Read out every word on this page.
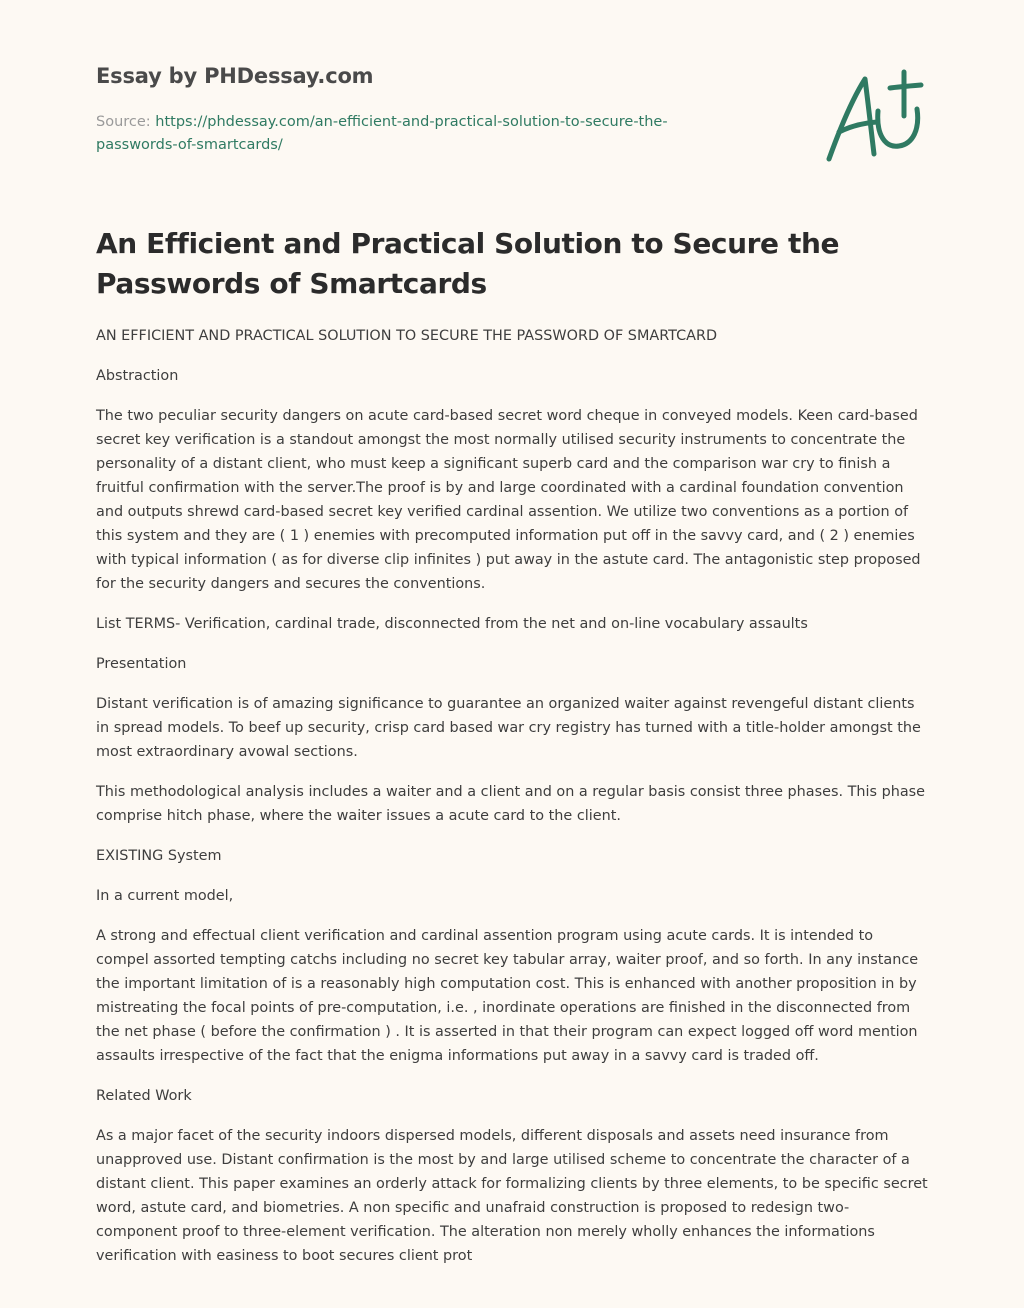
Essay by PHDessay.com
Source: https://phdessay.com/an-efficient-and-practical-solution-to-secure-the-passwords-of-smartcards/
An Efficient and Practical Solution to Secure the Passwords of Smartcards

AN EFFICIENT AND PRACTICAL SOLUTION TO SECURE THE PASSWORD OF SMARTCARD

Abstraction

The two peculiar security dangers on acute card-based secret word cheque in conveyed models. Keen card-based secret key verification is a standout amongst the most normally utilised security instruments to concentrate the personality of a distant client, who must keep a significant superb card and the comparison war cry to finish a fruitful confirmation with the server.The proof is by and large coordinated with a cardinal foundation convention and outputs shrewd card-based secret key verified cardinal assention. We utilize two conventions as a portion of this system and they are ( 1 ) enemies with precomputed information put off in the savvy card, and ( 2 ) enemies with typical information ( as for diverse clip infinites ) put away in the astute card. The antagonistic step proposed for the security dangers and secures the conventions.

List TERMS- Verification, cardinal trade, disconnected from the net and on-line vocabulary assaults

Presentation

Distant verification is of amazing significance to guarantee an organized waiter against revengeful distant clients in spread models. To beef up security, crisp card based war cry registry has turned with a title-holder amongst the most extraordinary avowal sections.

This methodological analysis includes a waiter and a client and on a regular basis consist three phases. This phase comprise hitch phase, where the waiter issues a acute card to the client.

EXISTING System

In a current model,

A strong and effectual client verification and cardinal assention program using acute cards. It is intended to compel assorted tempting catchs including no secret key tabular array, waiter proof, and so forth. In any instance the important limitation of is a reasonably high computation cost. This is enhanced with another proposition in by mistreating the focal points of pre-computation, i.e. , inordinate operations are finished in the disconnected from the net phase ( before the confirmation ) . It is asserted in that their program can expect logged off word mention assaults irrespective of the fact that the enigma informations put away in a savvy card is traded off.

Related Work

As a major facet of the security indoors dispersed models, different disposals and assets need insurance from unapproved use. Distant confirmation is the most by and large utilised scheme to concentrate the character of a distant client. This paper examines an orderly attack for formalizing clients by three elements, to be specific secret word, astute card, and biometries. A non specific and unafraid construction is proposed to redesign two-component proof to three-element verification. The alteration non merely wholly enhances the informations verification with easiness to boot secures client prot
